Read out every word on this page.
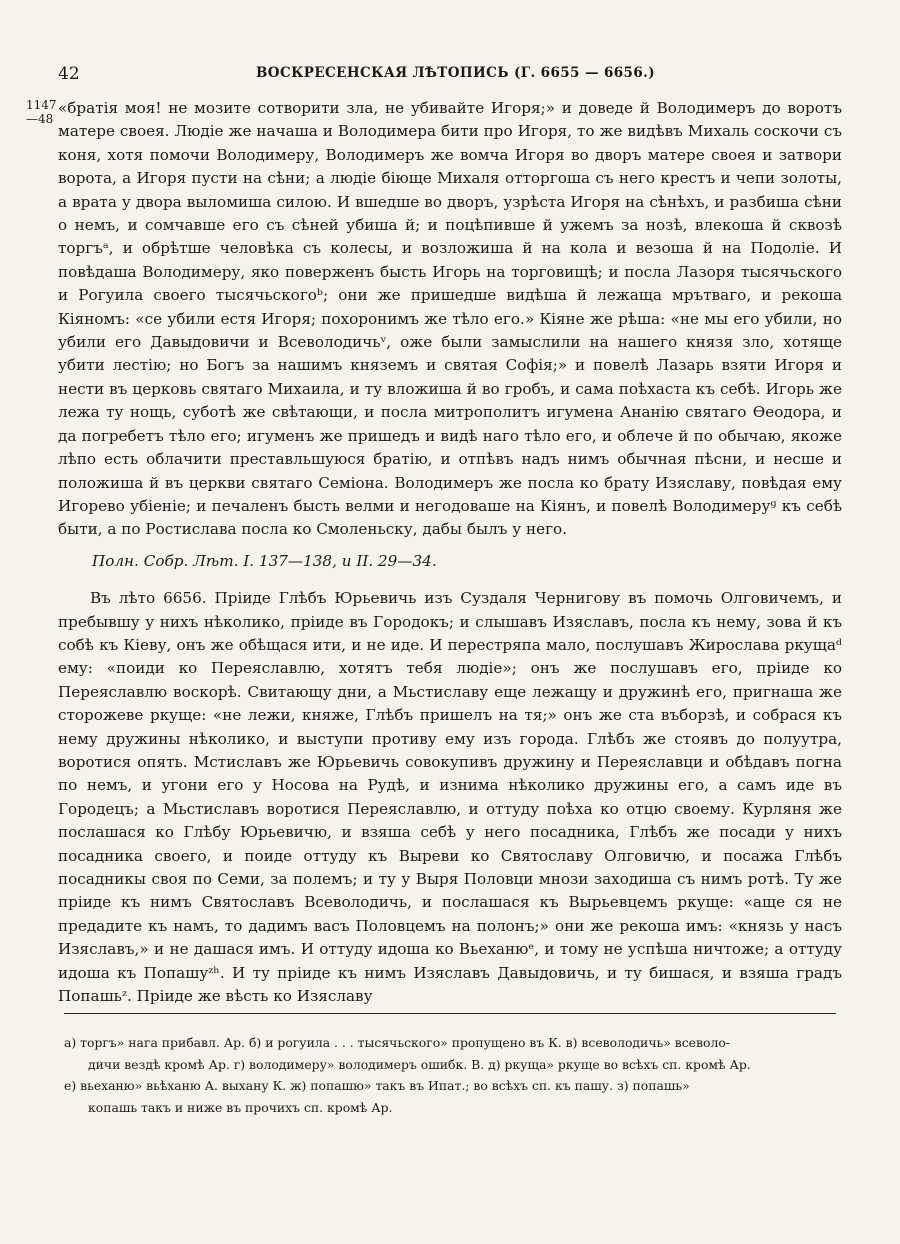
42	ВОСКРЕСЕНСКАЯ ЛѢТОПИСЬ (Г. 6655 — 6656.)
1147
—48

«братія моя! не мозите сотворити зла, не убивайте Игоря;» и доведе й Володимеръ до воротъ матере своея. Людіе же начаша и Володимера бити про Игоря, то же видѣвъ Михаль соскочи съ коня, хотя помочи Володимеру, Володимеръ же вомча Игоря во дворъ матере своея и затвори ворота, а Игоря пусти на сѣни; а людіе біюще Михаля отторгоша съ него крестъ и чепи золоты, а врата у двора выломиша силою. И вшедше во дворъ, узрѣста Игоря на сѣнѣхъ, и разбиша сѣни о немъ, и сомчавше его съ сѣней убиша й; и поцѣпивше й ужемъ за нозѣ, влекоша й сквозѣ торгъᵃ, и обрѣтше человѣка съ колесы, и возложиша й на кола и везоша й на Подоліе. И повѣдаша Володимеру, яко поверженъ бысть Игорь на торговищѣ; и посла Лазоря тысячьского и Рогуила своего тысячьскогоᵇ; они же пришедше видѣша й лежаща мрътваго, и рекоша Кіяномъ: «се убили естя Игоря; похоронимъ же тѣло его.» Кіяне же рѣша: «не мы его убили, но убили его Давыдовичи и Всеволодичьᵛ, оже были замыслили на нашего князя зло, хотяще убити лестію; но Богъ за нашимъ княземъ и святая Софія;» и повелѣ Лазарь взяти Игоря и нести въ церковь святаго Михаила, и ту вложиша й во гробъ, и сама поѣхаста къ себѣ. Игорь же лежа ту нощь, суботѣ же свѣтающи, и посла митрополитъ игумена Ананію святаго Ѳеодора, и да погребетъ тѣло его; игуменъ же пришедъ и видѣ наго тѣло его, и облече й по обычаю, якоже лѣпо есть облачити преставльшуюся братію, и отпѣвъ надъ нимъ обычная пѣсни, и несше и положиша й въ церкви святаго Семіона. Володимеръ же посла ко брату Изяславу, повѣдая ему Игорево убіеніе; и печаленъ бысть велми и негодоваше на Кіянъ, и повелѣ Володимеруᵍ къ себѣ быти, а по Ростислава посла ко Смоленьску, дабы былъ у него.

Полн. Собр. Лѣт. I. 137—138, и II. 29—34.

Въ лѣто 6656. Пріиде Глѣбъ Юрьевичь изъ Суздаля Чернигову въ помочь Олговичемъ, и пребывшу у нихъ нѣколико, пріиде въ Городокъ; и слышавъ Изяславъ, посла къ нему, зова й къ собѣ къ Кіеву, онъ же обѣщася ити, и не иде. И перестряпа мало, послушавъ Жирослава ркущаᵈ ему: «поиди ко Переяславлю, хотятъ тебя людіе»; онъ же послушавъ его, пріиде ко Переяславлю воскорѣ. Свитающу дни, а Мьстиславу еще лежащу и дружинѣ его, пригнаша же сторожеве ркуще: «не лежи, княже, Глѣбъ пришелъ на тя;» онъ же ста въборзѣ, и собрася къ нему дружины нѣколико, и выступи противу ему изъ города. Глѣбъ же стоявъ до полуутра, воротися опять. Мстиславъ же Юрьевичь совокупивъ дружину и Переяславци и обѣдавъ погна по немъ, и угони его у Носова на Рудѣ, и изнима нѣколико дружины его, а самъ иде въ Городецъ; а Мьстиславъ воротися Переяславлю, и оттуду поѣха ко отцю своему. Курляня же послашася ко Глѣбу Юрьевичю, и взяша себѣ у него посадника, Глѣбъ же посади у нихъ посадника своего, и поиде оттуду къ Выреви ко Святославу Олговичю, и посажа Глѣбъ посадникы своя по Семи, за полемъ; и ту у Выря Половци мнози заходиша съ нимъ ротѣ. Ту же пріиде къ нимъ Святославъ Всеволодичь, и послашася къ Вырьевцемъ ркуще: «аще ся не предадите къ намъ, то дадимъ васъ Половцемъ на полонъ;» они же рекоша имъ: «князь у насъ Изяславъ,» и не дашася имъ. И оттуду идоша ко Вьеханюᵉ, и тому не успѣша ничтоже; а оттуду идоша къ Попашуᶻʰ. И ту пріиде къ нимъ Изяславъ Давыдовичь, и ту бишася, и взяша градъ Попашьᶻ. Пріиде же вѣсть ко Изяславу

а) торгъ» нага прибавл. Ар. б) и рогуила . . . тысячьского» пропущено въ К. в) всеволодичь» всеволо-

дичи вездѣ кромѣ Ар. г) володимеру» володимеръ ошибк. В. д) ркуща» ркуще во всѣхъ сп. кромѣ Ар.

е) вьеханю» вьѣханю А. выхану К. ж) попашю» такъ въ Ипат.; во всѣхъ сп. къ пашу. з) попашь»

копашь такъ и ниже въ прочихъ сп. кромѣ Ар.
